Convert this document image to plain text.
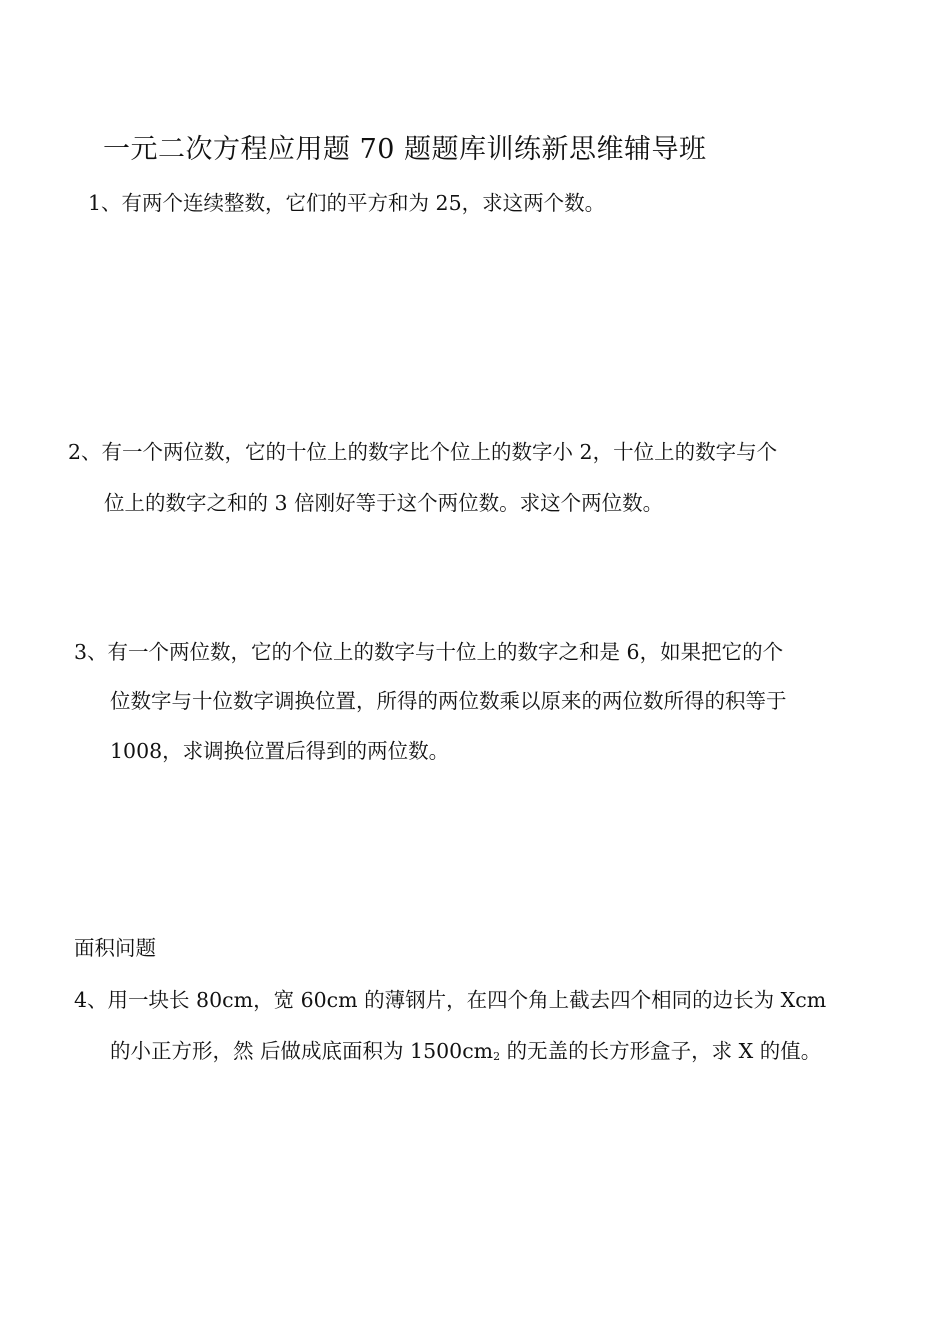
一元二次方程应用题 70 题题库训练新思维辅导班
1、有两个连续整数，它们的平方和为 25，求这两个数。
2、有一个两位数，它的十位上的数字比个位上的数字小 2，十位上的数字与个
位上的数字之和的 3 倍刚好等于这个两位数。求这个两位数。
3、有一个两位数，它的个位上的数字与十位上的数字之和是 6，如果把它的个
位数字与十位数字调换位置，所得的两位数乘以原来的两位数所得的积等于
1008，求调换位置后得到的两位数。
面积问题
4、用一块长 80cm，宽 60cm 的薄钢片，在四个角上截去四个相同的边长为 Xcm
的小正方形，然 后做成底面积为 $1500cm^2$ 的无盖的长方形盒子，求 X 的值。
